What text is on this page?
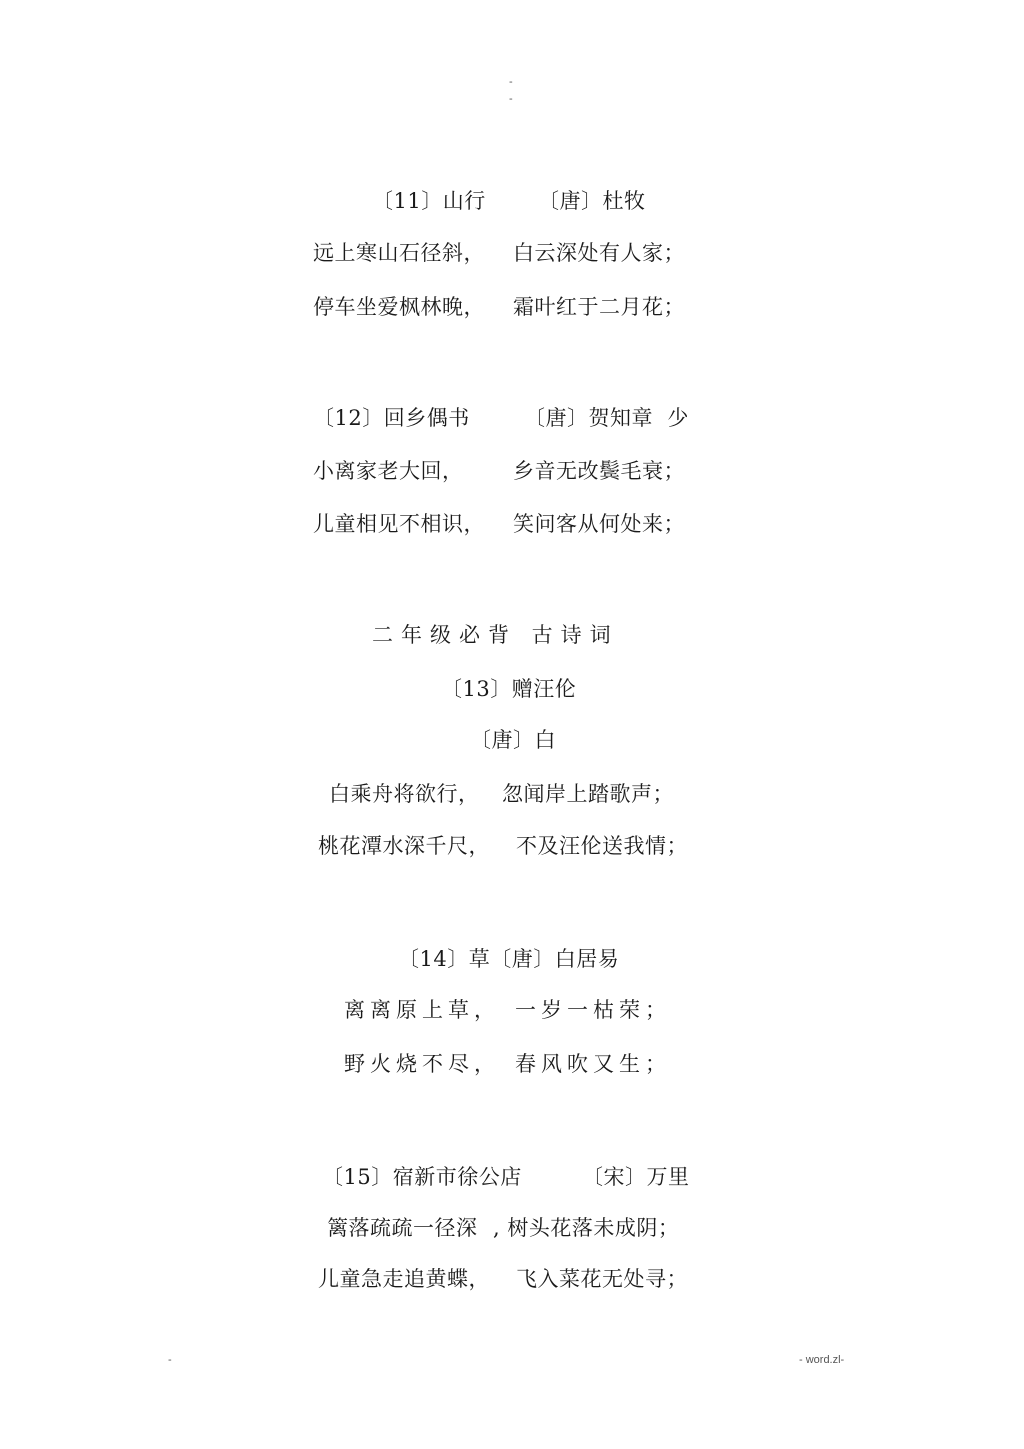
-
-
〔11〕山行 〔唐〕杜牧
远上寒山石径斜， 白云深处有人家；
停车坐爱枫林晚， 霜叶红于二月花；
〔12〕回乡偶书	〔唐〕贺知章  少
小离家老大回， 乡音无改鬓毛衰；
儿童相见不相识， 笑问客从何处来；
二年级必背 古诗词
〔13〕赠汪伦
〔唐〕白
白乘舟将欲行， 忽闻岸上踏歌声；
桃花潭水深千尺， 不及汪伦送我情；
〔14〕草〔唐〕白居易
离离原上草， 一岁一枯荣；
野火烧不尽， 春风吹又生；
〔15〕宿新市徐公店	〔宋〕万里
篱落疏疏一径深 , 树头花落未成阴；
儿童急走追黄蝶， 飞入菜花无处寻；
-	- word.zl-
